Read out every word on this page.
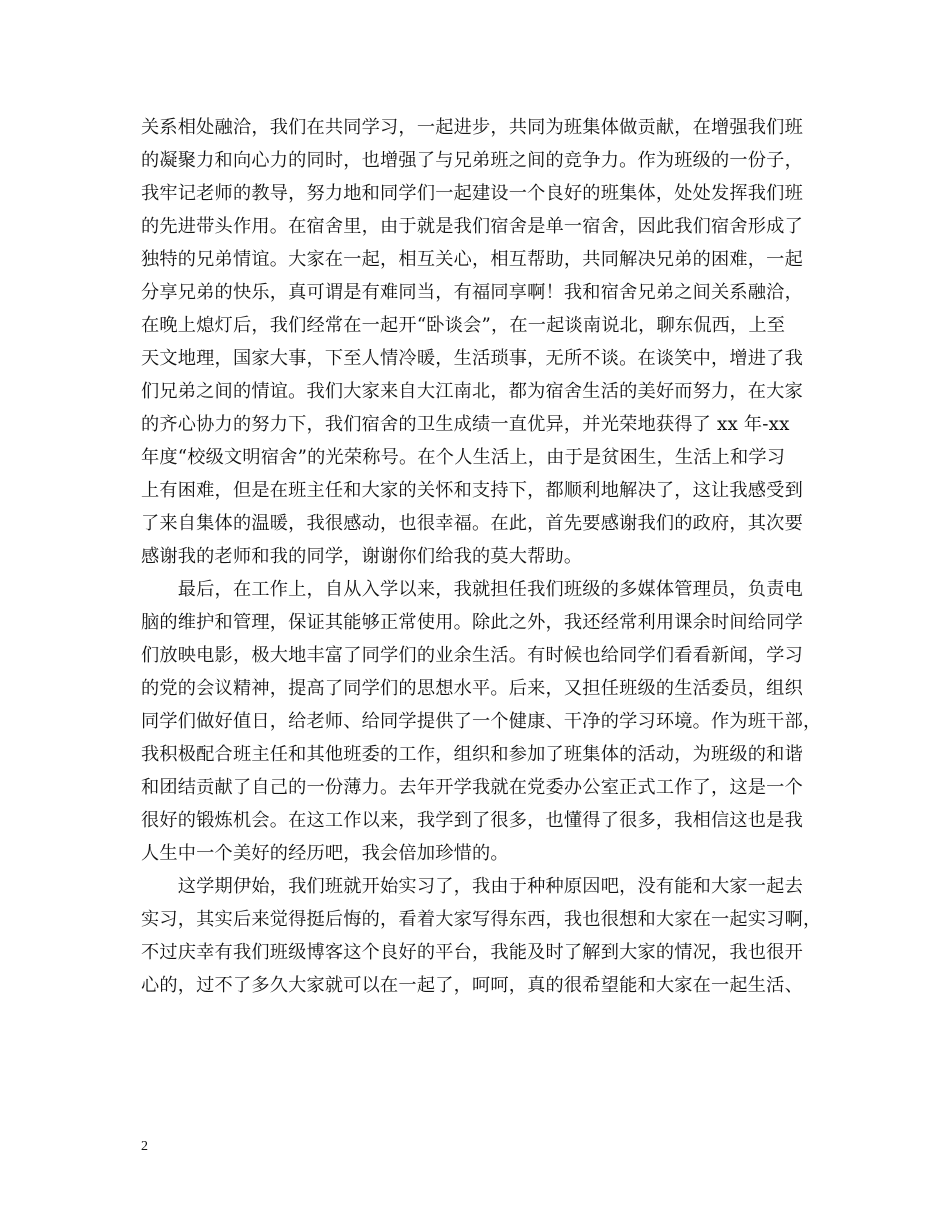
关系相处融洽，我们在共同学习，一起进步，共同为班集体做贡献，在增强我们班
的凝聚力和向心力的同时，也增强了与兄弟班之间的竞争力。作为班级的一份子，
我牢记老师的教导，努力地和同学们一起建设一个良好的班集体，处处发挥我们班
的先进带头作用。在宿舍里，由于就是我们宿舍是单一宿舍，因此我们宿舍形成了
独特的兄弟情谊。大家在一起，相互关心，相互帮助，共同解决兄弟的困难，一起
分享兄弟的快乐，真可谓是有难同当，有福同享啊！我和宿舍兄弟之间关系融洽，
在晚上熄灯后，我们经常在一起开“卧谈会”，在一起谈南说北，聊东侃西，上至
天文地理，国家大事，下至人情冷暖，生活琐事，无所不谈。在谈笑中，增进了我
们兄弟之间的情谊。我们大家来自大江南北，都为宿舍生活的美好而努力，在大家
的齐心协力的努力下，我们宿舍的卫生成绩一直优异，并光荣地获得了 xx 年-xx
年度“校级文明宿舍”的光荣称号。在个人生活上，由于是贫困生，生活上和学习
上有困难，但是在班主任和大家的关怀和支持下，都顺利地解决了，这让我感受到
了来自集体的温暖，我很感动，也很幸福。在此，首先要感谢我们的政府，其次要
感谢我的老师和我的同学，谢谢你们给我的莫大帮助。
　　最后，在工作上，自从入学以来，我就担任我们班级的多媒体管理员，负责电
脑的维护和管理，保证其能够正常使用。除此之外，我还经常利用课余时间给同学
们放映电影，极大地丰富了同学们的业余生活。有时候也给同学们看看新闻，学习
的党的会议精神，提高了同学们的思想水平。后来，又担任班级的生活委员，组织
同学们做好值日，给老师、给同学提供了一个健康、干净的学习环境。作为班干部，
我积极配合班主任和其他班委的工作，组织和参加了班集体的活动，为班级的和谐
和团结贡献了自己的一份薄力。去年开学我就在党委办公室正式工作了，这是一个
很好的锻炼机会。在这工作以来，我学到了很多，也懂得了很多，我相信这也是我
人生中一个美好的经历吧，我会倍加珍惜的。
　　这学期伊始，我们班就开始实习了，我由于种种原因吧，没有能和大家一起去
实习，其实后来觉得挺后悔的，看着大家写得东西，我也很想和大家在一起实习啊，
不过庆幸有我们班级博客这个良好的平台，我能及时了解到大家的情况，我也很开
心的，过不了多久大家就可以在一起了，呵呵，真的很希望能和大家在一起生活、
2
